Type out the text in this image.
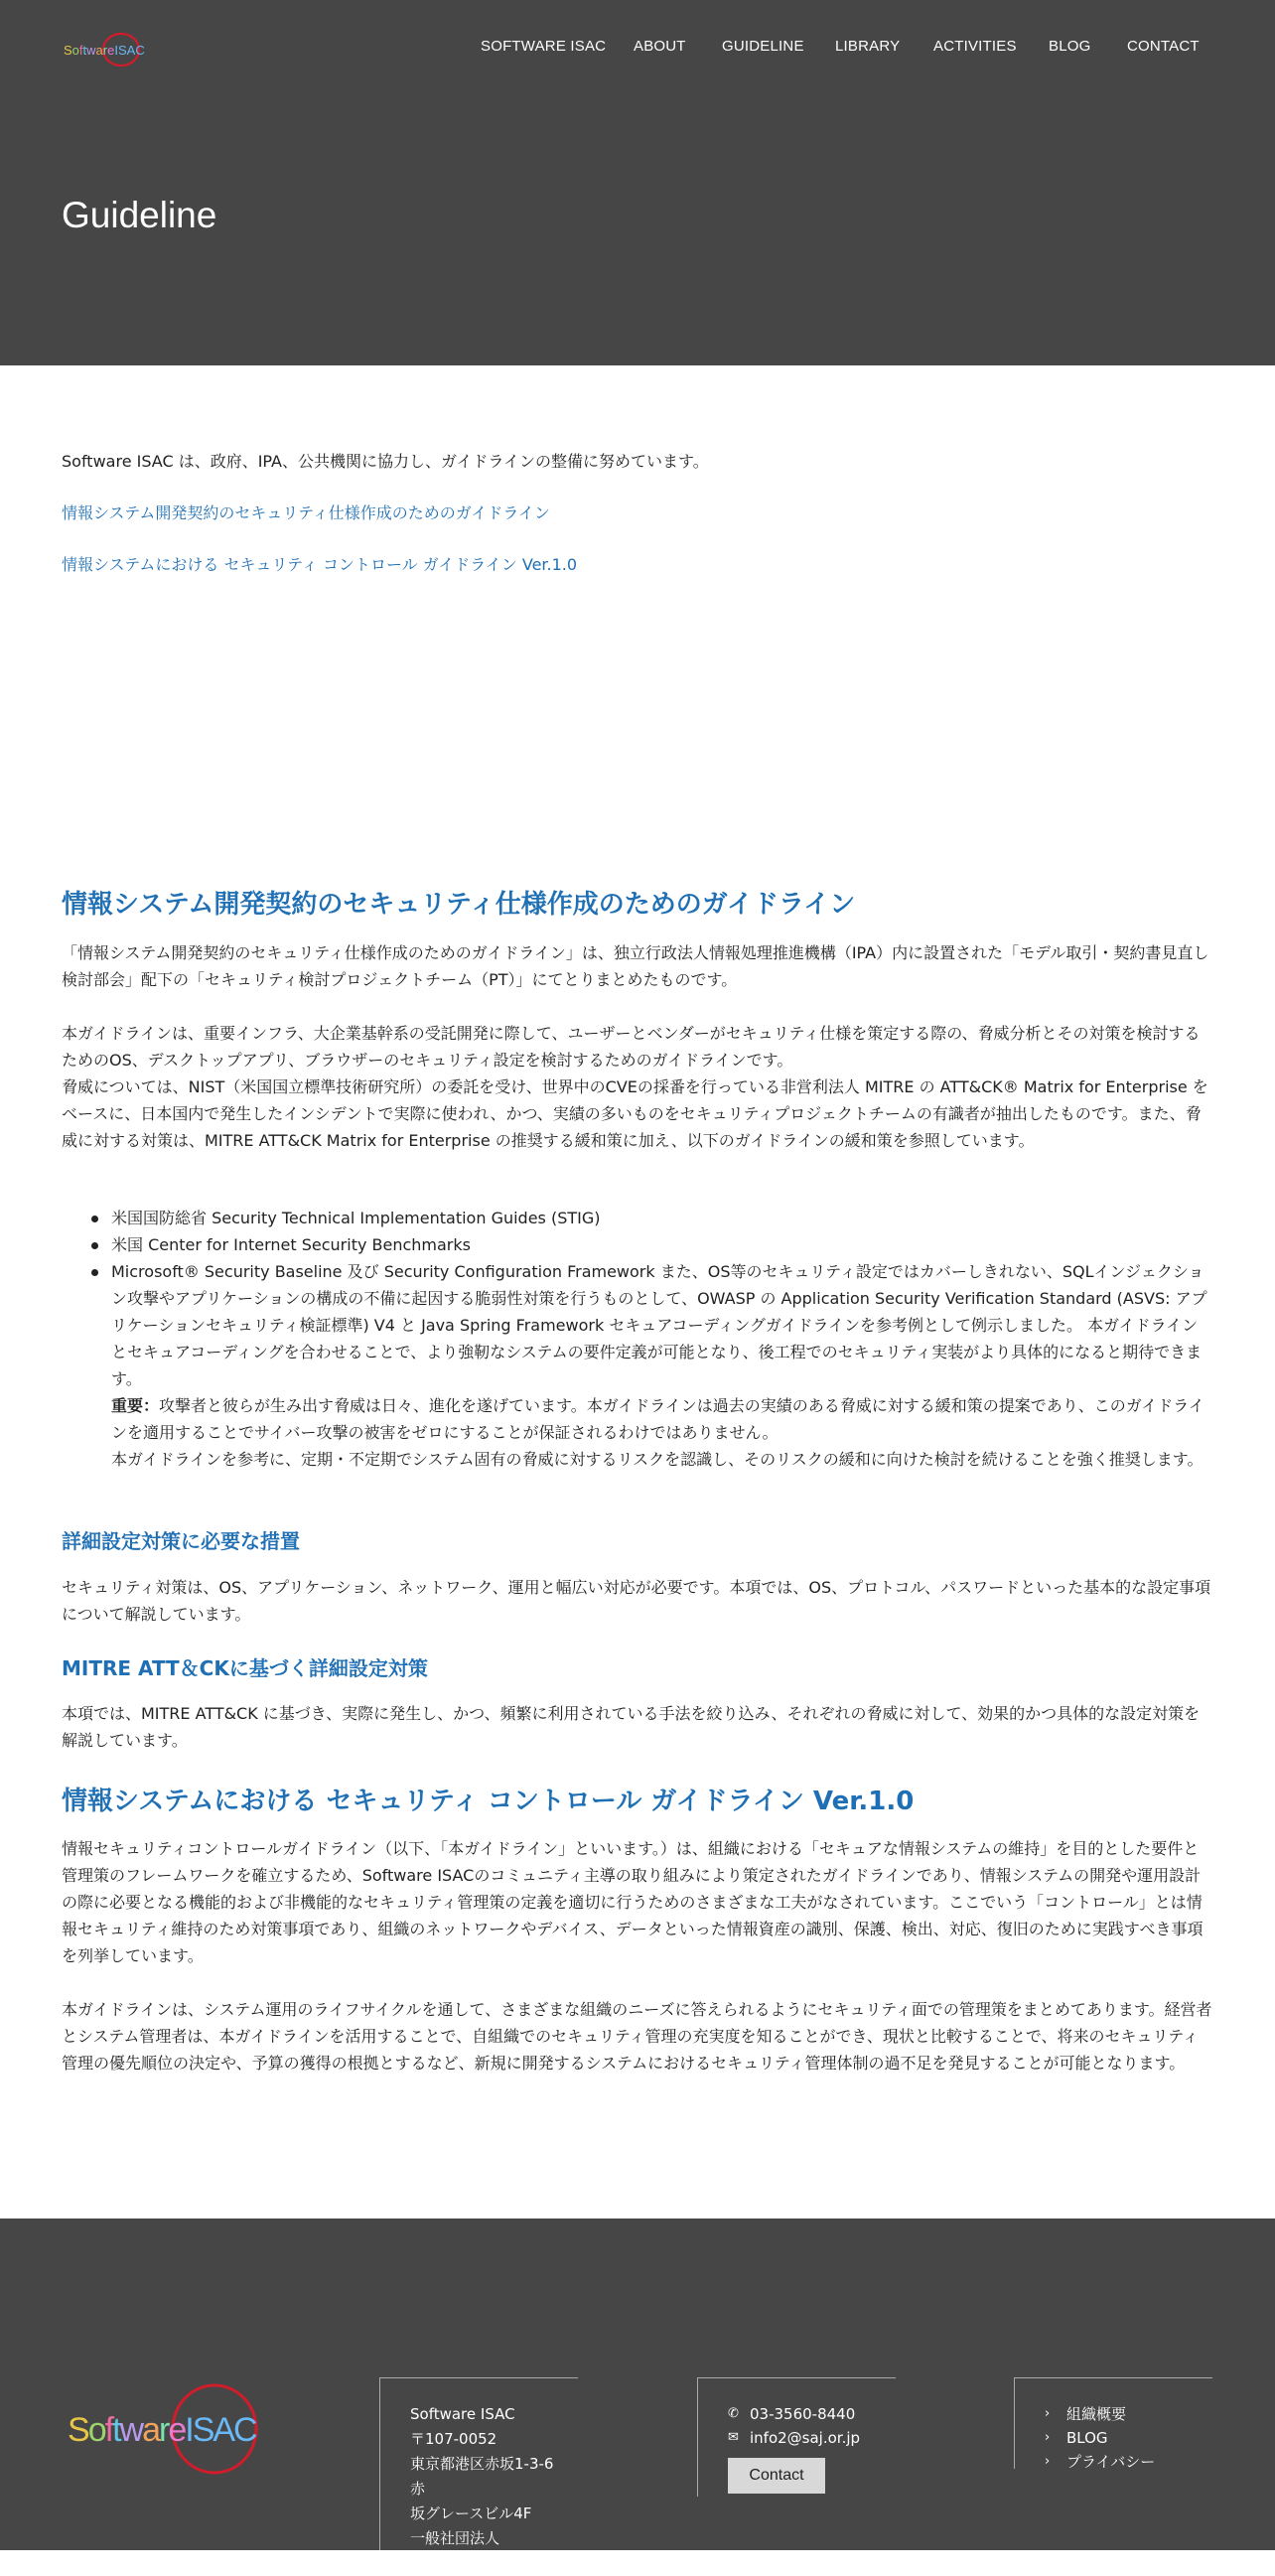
SoftwareISAC	SOFTWARE ISAC ABOUT GUIDELINE LIBRARY ACTIVITIES BLOG CONTACT
Guideline
Software ISAC は、政府、IPA、公共機関に協力し、ガイドラインの整備に努めています。
情報システム開発契約のセキュリティ仕様作成のためのガイドライン
情報システムにおける セキュリティ コントロール ガイドライン Ver.1.0
情報システム開発契約のセキュリティ仕様作成のためのガイドライン

「情報システム開発契約のセキュリティ仕様作成のためのガイドライン」は、独立行政法人情報処理推進機構（IPA）内に設置された「モデル取引・契約書見直し検討部会」配下の「セキュリティ検討プロジェクトチーム（PT）」にてとりまとめたものです。

本ガイドラインは、重要インフラ、大企業基幹系の受託開発に際して、ユーザーとベンダーがセキュリティ仕様を策定する際の、脅威分析とその対策を検討するためのOS、デスクトップアプリ、ブラウザーのセキュリティ設定を検討するためのガイドラインです。

脅威については、NIST（米国国立標準技術研究所）の委託を受け、世界中のCVEの採番を行っている非営利法人 MITRE の ATT&CK® Matrix for Enterprise をベースに、日本国内で発生したインシデントで実際に使われ、かつ、実績の多いものをセキュリティプロジェクトチームの有識者が抽出したものです。また、脅威に対する対策は、MITRE ATT&CK Matrix for Enterprise の推奨する緩和策に加え、以下のガイドラインの緩和策を参照しています。

米国国防総省 Security Technical Implementation Guides (STIG)
米国 Center for Internet Security Benchmarks
Microsoft® Security Baseline 及び Security Configuration Framework また、OS等のセキュリティ設定ではカバーしきれない、SQLインジェクション攻撃やアプリケーションの構成の不備に起因する脆弱性対策を行うものとして、OWASP の Application Security Verification Standard (ASVS: アプリケーションセキュリティ検証標準) V4 と Java Spring Framework セキュアコーディングガイドラインを参考例として例示しました。 本ガイドラインとセキュアコーディングを合わせることで、より強靭なシステムの要件定義が可能となり、後工程でのセキュリティ実装がより具体的になると期待できます。
重要：攻撃者と彼らが生み出す脅威は日々、進化を遂げています。本ガイドラインは過去の実績のある脅威に対する緩和策の提案であり、このガイドラインを適用することでサイバー攻撃の被害をゼロにすることが保証されるわけではありません。
本ガイドラインを参考に、定期・不定期でシステム固有の脅威に対するリスクを認識し、そのリスクの緩和に向けた検討を続けることを強く推奨します。
詳細設定対策に必要な措置

セキュリティ対策は、OS、アプリケーション、ネットワーク、運用と幅広い対応が必要です。本項では、OS、プロトコル、パスワードといった基本的な設定事項について解説しています。

MITRE ATT＆CKに基づく詳細設定対策

本項では、MITRE ATT&CK に基づき、実際に発生し、かつ、頻繁に利用されている手法を絞り込み、それぞれの脅威に対して、効果的かつ具体的な設定対策を解説しています。

情報システムにおける セキュリティ コントロール ガイドライン Ver.1.0

情報セキュリティコントロールガイドライン（以下、「本ガイドライン」といいます。）は、組織における「セキュアな情報システムの維持」を目的とした要件と管理策のフレームワークを確立するため、Software ISACのコミュニティ主導の取り組みにより策定されたガイドラインであり、情報システムの開発や運用設計の際に必要となる機能的および非機能的なセキュリティ管理策の定義を適切に行うためのさまざまな工夫がなされています。ここでいう「コントロール」とは情報セキュリティ維持のため対策事項であり、組織のネットワークやデバイス、データといった情報資産の識別、保護、検出、対応、復旧のために実践すべき事項を列挙しています。

本ガイドラインは、システム運用のライフサイクルを通して、さまざまな組織のニーズに答えられるようにセキュリティ面での管理策をまとめてあります。経営者とシステム管理者は、本ガイドラインを活用することで、自組織でのセキュリティ管理の充実度を知ることができ、現状と比較することで、将来のセキュリティ管理の優先順位の決定や、予算の獲得の根拠とするなど、新規に開発するシステムにおけるセキュリティ管理体制の過不足を発見することが可能となります。

SoftwareISAC	Software ISAC
〒107-0052
東京都港区赤坂1-3-6　赤
坂グレースビル4F
一般社団法人
ソフトウェア協会内
✆ 03-3560-8440
✉ info2@saj.or.jp
Contact
›	組織概要
›	BLOG
›	プライバシー
